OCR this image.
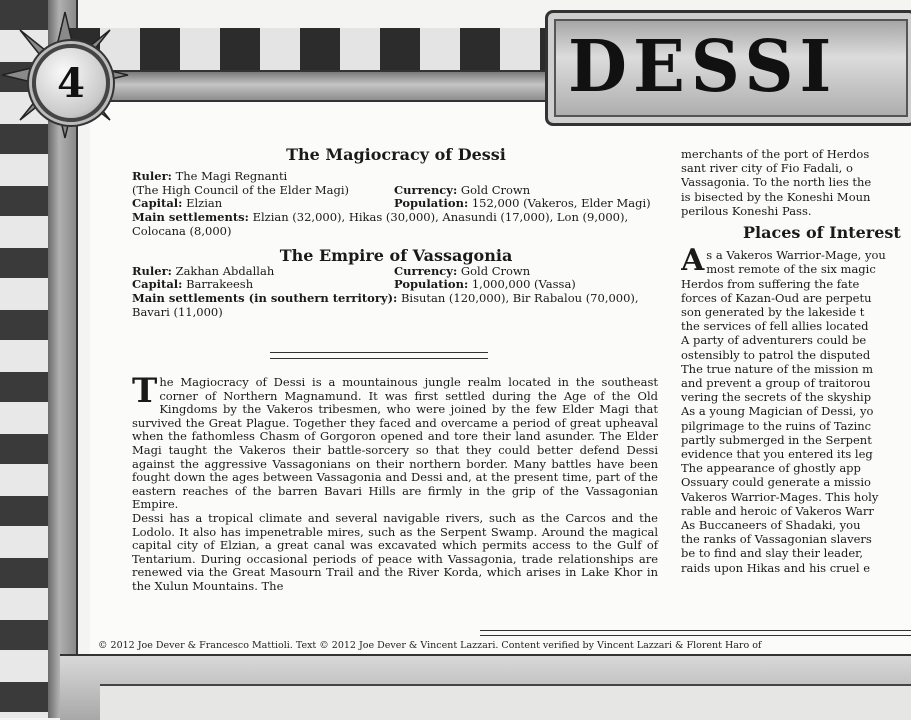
4	DESSI
The Magiocracy of Dessi
Ruler: The Magi Regnanti
(The High Council of the Elder Magi)	Currency: Gold Crown
Capital: Elzian	Population: 152,000 (Vakeros, Elder Magi)
Main settlements: Elzian (32,000), Hikas (30,000), Anasundi (17,000), Lon (9,000),
Colocana (8,000)
The Empire of Vassagonia
Ruler: Zakhan Abdallah	Currency: Gold Crown
Capital: Barrakeesh	Population: 1,000,000 (Vassa)
Main settlements (in southern territory): Bisutan (120,000), Bir Rabalou (70,000),
Bavari (11,000)
T he Magiocracy of Dessi is a mountainous jungle realm located in the southeast corner of Northern Magnamund. It was first settled during the Age of the Old Kingdoms by the Vakeros tribesmen, who were joined by the few Elder Magi that survived the Great Plague. Together they faced and overcame a period of great upheaval when the fathomless Chasm of Gorgoron opened and tore their land asunder. The Elder Magi taught the Vakeros their battle-sorcery so that they could better defend Dessi against the aggressive Vassagonians on their northern border. Many battles have been fought down the ages between Vassagonia and Dessi and, at the present time, part of the eastern reaches of the barren Bavari Hills are firmly in the grip of the Vassagonian Empire.
Dessi has a tropical climate and several navigable rivers, such as the Carcos and the Lodolo. It also has impenetrable mires, such as the Serpent Swamp. Around the magical capital city of Elzian, a great canal was excavated which permits access to the Gulf of Tentarium. During occasional periods of peace with Vassagonia, trade relationships are renewed via the Great Masourn Trail and the River Korda, which arises in Lake Khor in the Xulun Mountains. The
merchants of the port of Herdos
sant river city of Fio Fadali, o
Vassagonia. To the north lies the
is bisected by the Koneshi Moun
perilous Koneshi Pass.
Places of Interest
As a Vakeros Warrior-Mage, you
most remote of the six magic
Herdos from suffering the fate
forces of Kazan-Oud are perpetu
son generated by the lakeside t
the services of fell allies located
A party of adventurers could be
ostensibly to patrol the disputed
The true nature of the mission m
and prevent a group of traitorou
vering the secrets of the skyship
As a young Magician of Dessi, yo
pilgrimage to the ruins of Tazinc
partly submerged in the Serpent
evidence that you entered its leg
The appearance of ghostly app
Ossuary could generate a missio
Vakeros Warrior-Mages. This holy
rable and heroic of Vakeros Warr
As Buccaneers of Shadaki, you
the ranks of Vassagonian slavers
be to find and slay their leader,
raids upon Hikas and his cruel e
© 2012 Joe Dever & Francesco Mattioli. Text © 2012 Joe Dever & Vincent Lazzari. Content verified by Vincent Lazzari & Florent Haro of
